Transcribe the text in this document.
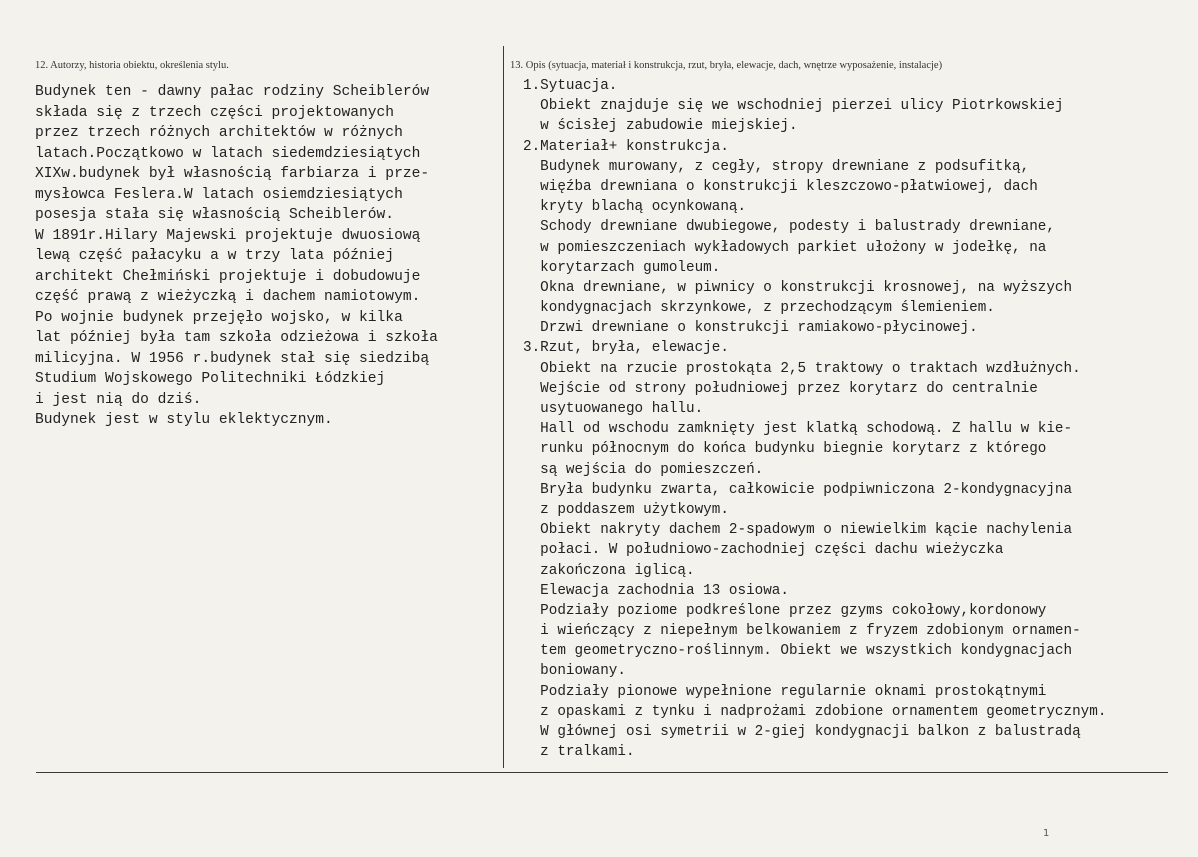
12. Autorzy, historia obiektu, określenia stylu.	13. Opis (sytuacja, materiał i konstrukcja, rzut, bryła, elewacje, dach, wnętrze wyposażenie, instalacje)
Budynek ten - dawny pałac rodziny Scheiblerów
składa się z trzech części projektowanych
przez trzech różnych architektów w różnych
latach.Początkowo w latach siedemdziesiątych
XIXw.budynek był własnością farbiarza i prze-
mysłowca Feslera.W latach osiemdziesiątych
posesja stała się własnością Scheiblerów.
W 1891r.Hilary Majewski projektuje dwuosiową
lewą część pałacyku a w trzy lata później
architekt Chełmiński projektuje i dobudowuje
część prawą z wieżyczką i dachem namiotowym.
Po wojnie budynek przejęło wojsko, w kilka
lat później była tam szkoła odzieżowa i szkoła
milicyjna. W 1956 r.budynek stał się siedzibą
Studium Wojskowego Politechniki Łódzkiej
i jest nią do dziś.
Budynek jest w stylu eklektycznym.
1.Sytuacja.
Obiekt znajduje się we wschodniej pierzei ulicy Piotrkowskiej
w ścisłej zabudowie miejskiej.
2.Materiał+ konstrukcja.
Budynek murowany, z cegły, stropy drewniane z podsufitką,
więźba drewniana o konstrukcji kleszczowo-płatwiowej, dach
kryty blachą ocynkowaną.
Schody drewniane dwubiegowe, podesty i balustrady drewniane,
w pomieszczeniach wykładowych parkiet ułożony w jodełkę, na
korytarzach gumoleum.
Okna drewniane, w piwnicy o konstrukcji krosnowej, na wyższych
kondygnacjach skrzynkowe, z przechodzącym ślemieniem.
Drzwi drewniane o konstrukcji ramiakowo-płycinowej.
3.Rzut, bryła, elewacje.
Obiekt na rzucie prostokąta 2,5 traktowy o traktach wzdłużnych.
Wejście od strony południowej przez korytarz do centralnie
usytuowanego hallu.
Hall od wschodu zamknięty jest klatką schodową. Z hallu w kie-
runku północnym do końca budynku biegnie korytarz z którego
są wejścia do pomieszczeń.
Bryła budynku zwarta, całkowicie podpiwniczona 2-kondygnacyjna
z poddaszem użytkowym.
Obiekt nakryty dachem 2-spadowym o niewielkim kącie nachylenia
połaci. W południowo-zachodniej części dachu wieżyczka
zakończona iglicą.
Elewacja zachodnia 13 osiowa.
Podziały poziome podkreślone przez gzyms cokołowy,kordonowy
i wieńczący z niepełnym belkowaniem z fryzem zdobionym ornamen-
tem geometryczno-roślinnym. Obiekt we wszystkich kondygnacjach
boniowany.
Podziały pionowe wypełnione regularnie oknami prostokątnymi
z opaskami z tynku i nadprożami zdobione ornamentem geometrycznym.
W głównej osi symetrii w 2-giej kondygnacji balkon z balustradą
z tralkami.
1
